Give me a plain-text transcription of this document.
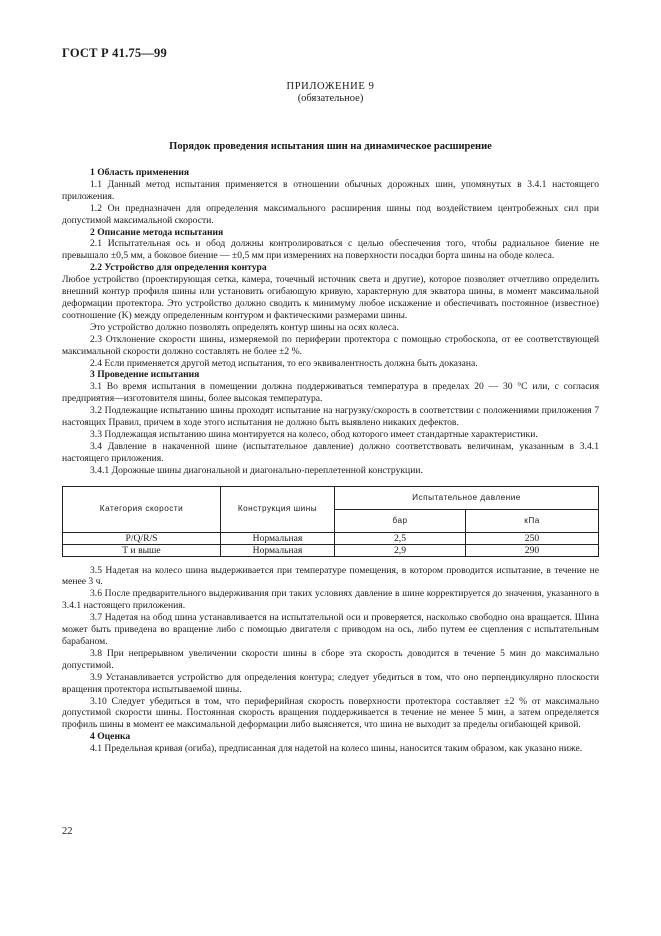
ГОСТ Р 41.75—99
ПРИЛОЖЕНИЕ 9
(обязательное)
Порядок проведения испытания шин на динамическое расширение

1 Область применения

1.1 Данный метод испытания применяется в отношении обычных дорожных шин, упомянутых в 3.4.1 настоящего приложения.

1.2 Он предназначен для определения максимального расширения шины под воздействием центробежных сил при допустимой максимальной скорости.

2 Описание метода испытания

2.1 Испытательная ось и обод должны контролироваться с целью обеспечения того, чтобы радиальное биение не превышало ±0,5 мм, а боковое биение — ±0,5 мм при измерениях на поверхности посадки борта шины на ободе колеса.

2.2 Устройство для определения контура

Любое устройство (проектирующая сетка, камера, точечный источник света и другие), которое позволяет отчетливо определить внешний контур профиля шины или установить огибающую кривую, характерную для экватора шины, в момент максимальной деформации протектора. Это устройство должно сводить к минимуму любое искажение и обеспечивать постоянное (известное) соотношение (K) между определенным контуром и фактическими размерами шины.

Это устройство должно позволять определять контур шины на осях колеса.

2.3 Отклонение скорости шины, измеряемой по периферии протектора с помощью стробоскопа, от ее соответствующей максимальной скорости должно составлять не более ±2 %.

2.4 Если применяется другой метод испытания, то его эквивалентность должна быть доказана.

3 Проведение испытания

3.1 Во время испытания в помещении должна поддерживаться температура в пределах 20 — 30 °С или, с согласия предприятия—изготовителя шины, более высокая температура.

3.2 Подлежащие испытанию шины проходят испытание на нагрузку/скорость в соответствии с положениями приложения 7 настоящих Правил, причем в ходе этого испытания не должно быть выявлено никаких дефектов.

3.3 Подлежащая испытанию шина монтируется на колесо, обод которого имеет стандартные характеристики.

3.4 Давление в накаченной шине (испытательное давление) должно соответствовать величинам, указанным в 3.4.1 настоящего приложения.

3.4.1 Дорожные шины диагональной и диагонально-переплетенной конструкции.

Категория скорости	Конструкция шины	Испытательное давление	
		бар	кПа
P/Q/R/S	Нормальная	2,5	250
Т и выше	Нормальная	2,9	290

3.5 Надетая на колесо шина выдерживается при температуре помещения, в котором проводится испытание, в течение не менее 3 ч.

3.6 После предварительного выдерживания при таких условиях давление в шине корректируется до значения, указанного в 3.4.1 настоящего приложения.

3.7 Надетая на обод шина устанавливается на испытательной оси и проверяется, насколько свободно она вращается. Шина может быть приведена во вращение либо с помощью двигателя с приводом на ось, либо путем ее сцепления с испытательным барабаном.

3.8 При непрерывном увеличении скорости шины в сборе эта скорость доводится в течение 5 мин до максимально допустимой.

3.9 Устанавливается устройство для определения контура; следует убедиться в том, что оно перпендикулярно плоскости вращения протектора испытываемой шины.

3.10 Следует убедиться в том, что периферийная скорость поверхности протектора составляет ±2 % от максимально допустимой скорости шины. Постоянная скорость вращения поддерживается в течение не менее 5 мин, а затем определяется профиль шины в момент ее максимальной деформации либо выясняется, что шина не выходит за пределы огибающей кривой.

4 Оценка

4.1 Предельная кривая (огиба), предписанная для надетой на колесо шины, наносится таким образом, как указано ниже.

22
